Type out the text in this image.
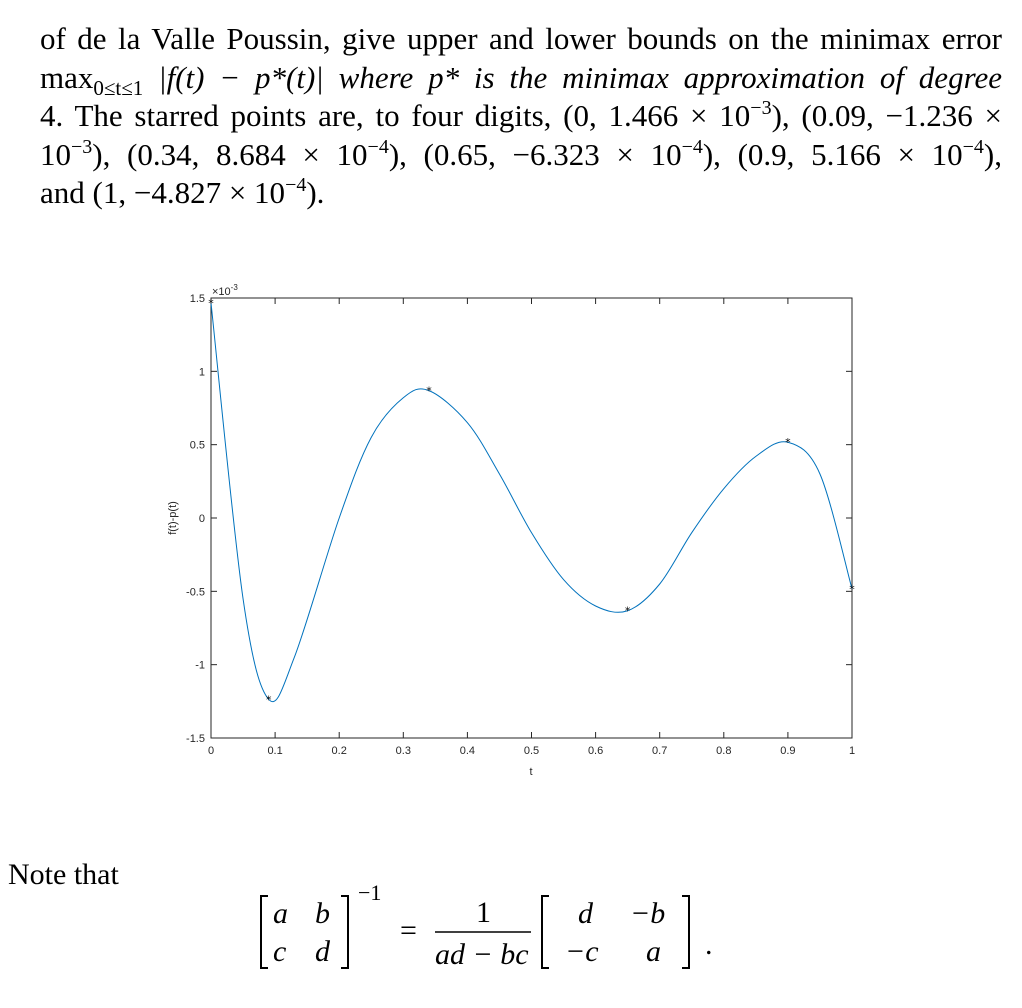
of de la Valle Poussin, give upper and lower bounds on the minimax error
$\max_{0\le t\le 1} |f(t) - p*(t)|$ where p* is the minimax approximation of degree
4. The starred points are, to four digits, (0, $1.466 \times 10^{-3}$), (0.09, −1.236 ×
$10^{-3}$), (0.34, $8.684 \times 10^{-4}$), (0.65, $-6.323 \times 10^{-4}$), (0.9, $5.166 \times 10^{-4}$),
and (1, $-4.827 \times 10^{-4}$).
0	0.1	0.2	0.3	0.4	0.5	0.6	0.7	0.8	0.9	1
-1.5
-1
-0.5
0
0.5
1
1.5 *
*
*
*
*
*
t
f(t)-p(t)
$\times 10^{-3}$
Note that
a b
c d
−1
=
1
ad − bc
d −b
−c a .
